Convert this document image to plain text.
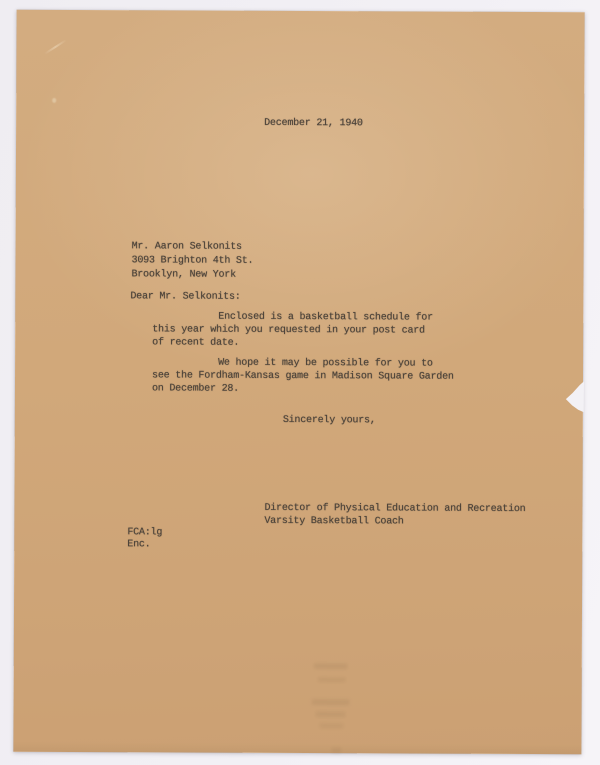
December 21, 1940
Mr. Aaron Selkonits
3093 Brighton 4th St.
Brooklyn, New York
Dear Mr. Selkonits:
Enclosed is a basketball schedule for
this year which you requested in your post card
of recent date.
We hope it may be possible for you to
see the Fordham-Kansas game in Madison Square Garden
on December 28.
Sincerely yours,
Director of Physical Education and Recreation
Varsity Basketball Coach
FCA:lg
Enc.
